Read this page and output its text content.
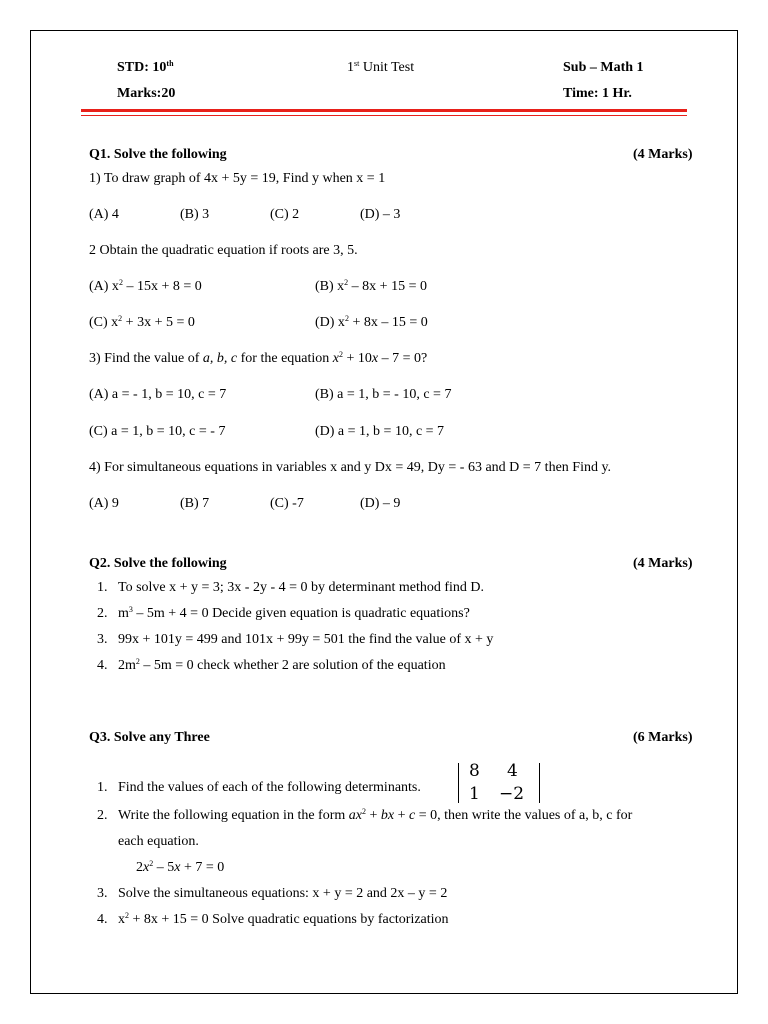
STD: 10th	1st Unit Test	Sub – Math 1
Marks:20	Time: 1 Hr.
Q1. Solve the following	(4 Marks)
1) To draw graph of 4x + 5y = 19, Find y when x = 1
(A) 4	(B) 3	(C) 2	(D) – 3
2 Obtain the quadratic equation if roots are 3, 5.
(A) $x^2 - 15x + 8 = 0$	(B) $x^2 - 8x + 15 = 0$
(C) $x^2 + 3x + 5 = 0$	(D) $x^2 + 8x - 15 = 0$
3) Find the value of a, b, c for the equation $x^2 + 10x - 7 = 0$?
(A) a = - 1, b = 10, c = 7	(B) a = 1, b = - 10, c = 7
(C) a = 1, b = 10, c = - 7	(D) a = 1, b = 10, c = 7
4) For simultaneous equations in variables x and y Dx = 49, Dy = - 63 and D = 7 then Find y.
(A) 9	(B) 7	(C) -7	(D) – 9
Q2. Solve the following	(4 Marks)
1. To solve x + y = 3; 3x - 2y - 4 = 0 by determinant method find D.
2. $m^3 - 5m + 4 = 0$ Decide given equation is quadratic equations?
3. 99x + 101y = 499 and 101x + 99y = 501 the find the value of x + y
4. $2m^2 - 5m = 0$ check whether 2 are solution of the equation
Q3. Solve any Three	(6 Marks)
1. Find the values of each of the following determinants.
8 4
1 −2
2. Write the following equation in the form $ax^2$ + bx + c = 0, then write the values of a, b, c for
each equation.
$2x^2 - 5x + 7 = 0$
3. Solve the simultaneous equations: x + y = 2 and 2x – y = 2
4. $x^2 + 8x + 15 = 0$ Solve quadratic equations by factorization
